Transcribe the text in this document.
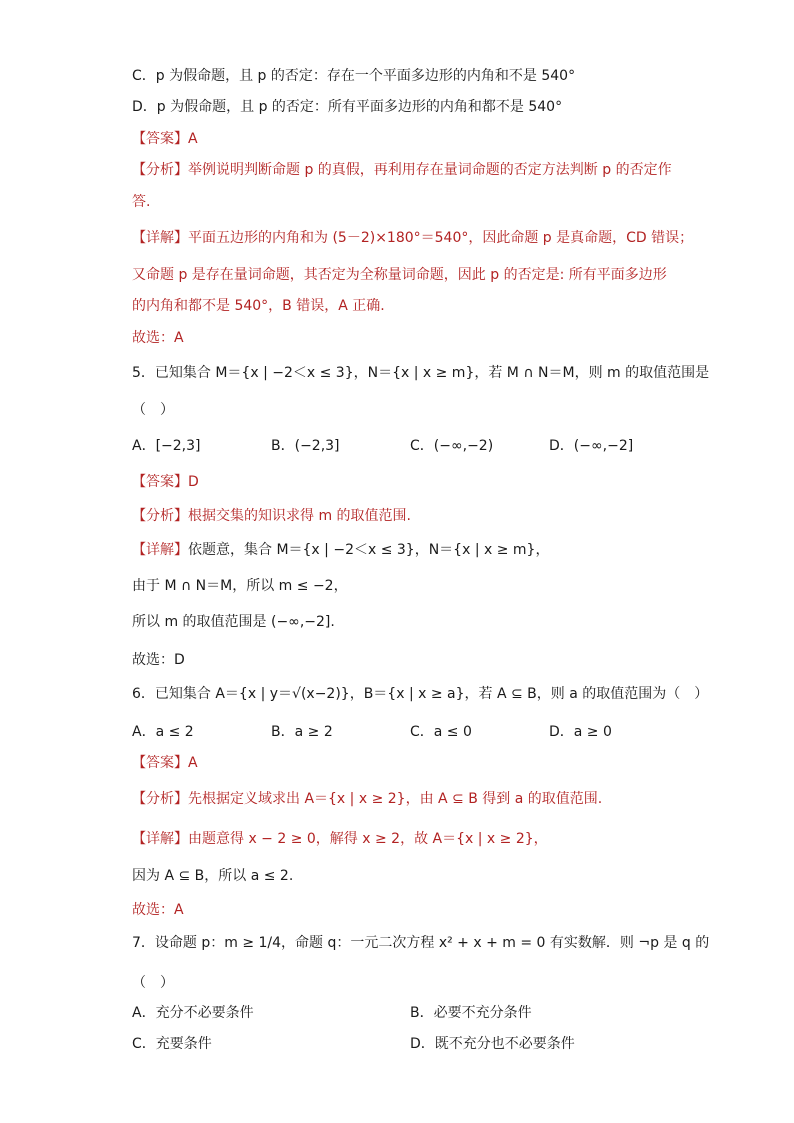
C．p 为假命题，且 p 的否定：存在一个平面多边形的内角和不是 540°
D．p 为假命题，且 p 的否定：所有平面多边形的内角和都不是 540°
【答案】A
【分析】举例说明判断命题 p 的真假，再利用存在量词命题的否定方法判断 p 的否定作
答.
【详解】平面五边形的内角和为 (5－2)×180°＝540°，因此命题 p 是真命题，CD 错误；
又命题 p 是存在量词命题，其否定为全称量词命题，因此 p 的否定是: 所有平面多边形
的内角和都不是 540°，B 错误，A 正确.
故选：A
5．已知集合 M＝{x | −2＜x ≤ 3}，N＝{x | x ≥ m}，若 M ∩ N＝M，则 m 的取值范围是
（　）
A．[−2,3]	B．(−2,3]	C．(−∞,−2)	D．(−∞,−2]
【答案】D
【分析】根据交集的知识求得 m 的取值范围.
【详解】依题意，集合 M＝{x | −2＜x ≤ 3}，N＝{x | x ≥ m}，
由于 M ∩ N＝M，所以 m ≤ −2，
所以 m 的取值范围是 (−∞,−2].
故选：D
6．已知集合 A＝{x | y＝√(x−2)}，B＝{x | x ≥ a}，若 A ⊆ B，则 a 的取值范围为（　）
A．a ≤ 2	B．a ≥ 2	C．a ≤ 0	D．a ≥ 0
【答案】A
【分析】先根据定义域求出 A＝{x | x ≥ 2}，由 A ⊆ B 得到 a 的取值范围.
【详解】由题意得 x − 2 ≥ 0，解得 x ≥ 2，故 A＝{x | x ≥ 2}，
因为 A ⊆ B，所以 a ≤ 2.
故选：A
7．设命题 p：m ≥ 1/4，命题 q：一元二次方程 x² + x + m = 0 有实数解．则 ¬p 是 q 的
（　）
A．充分不必要条件	B．必要不充分条件
C．充要条件	D．既不充分也不必要条件
